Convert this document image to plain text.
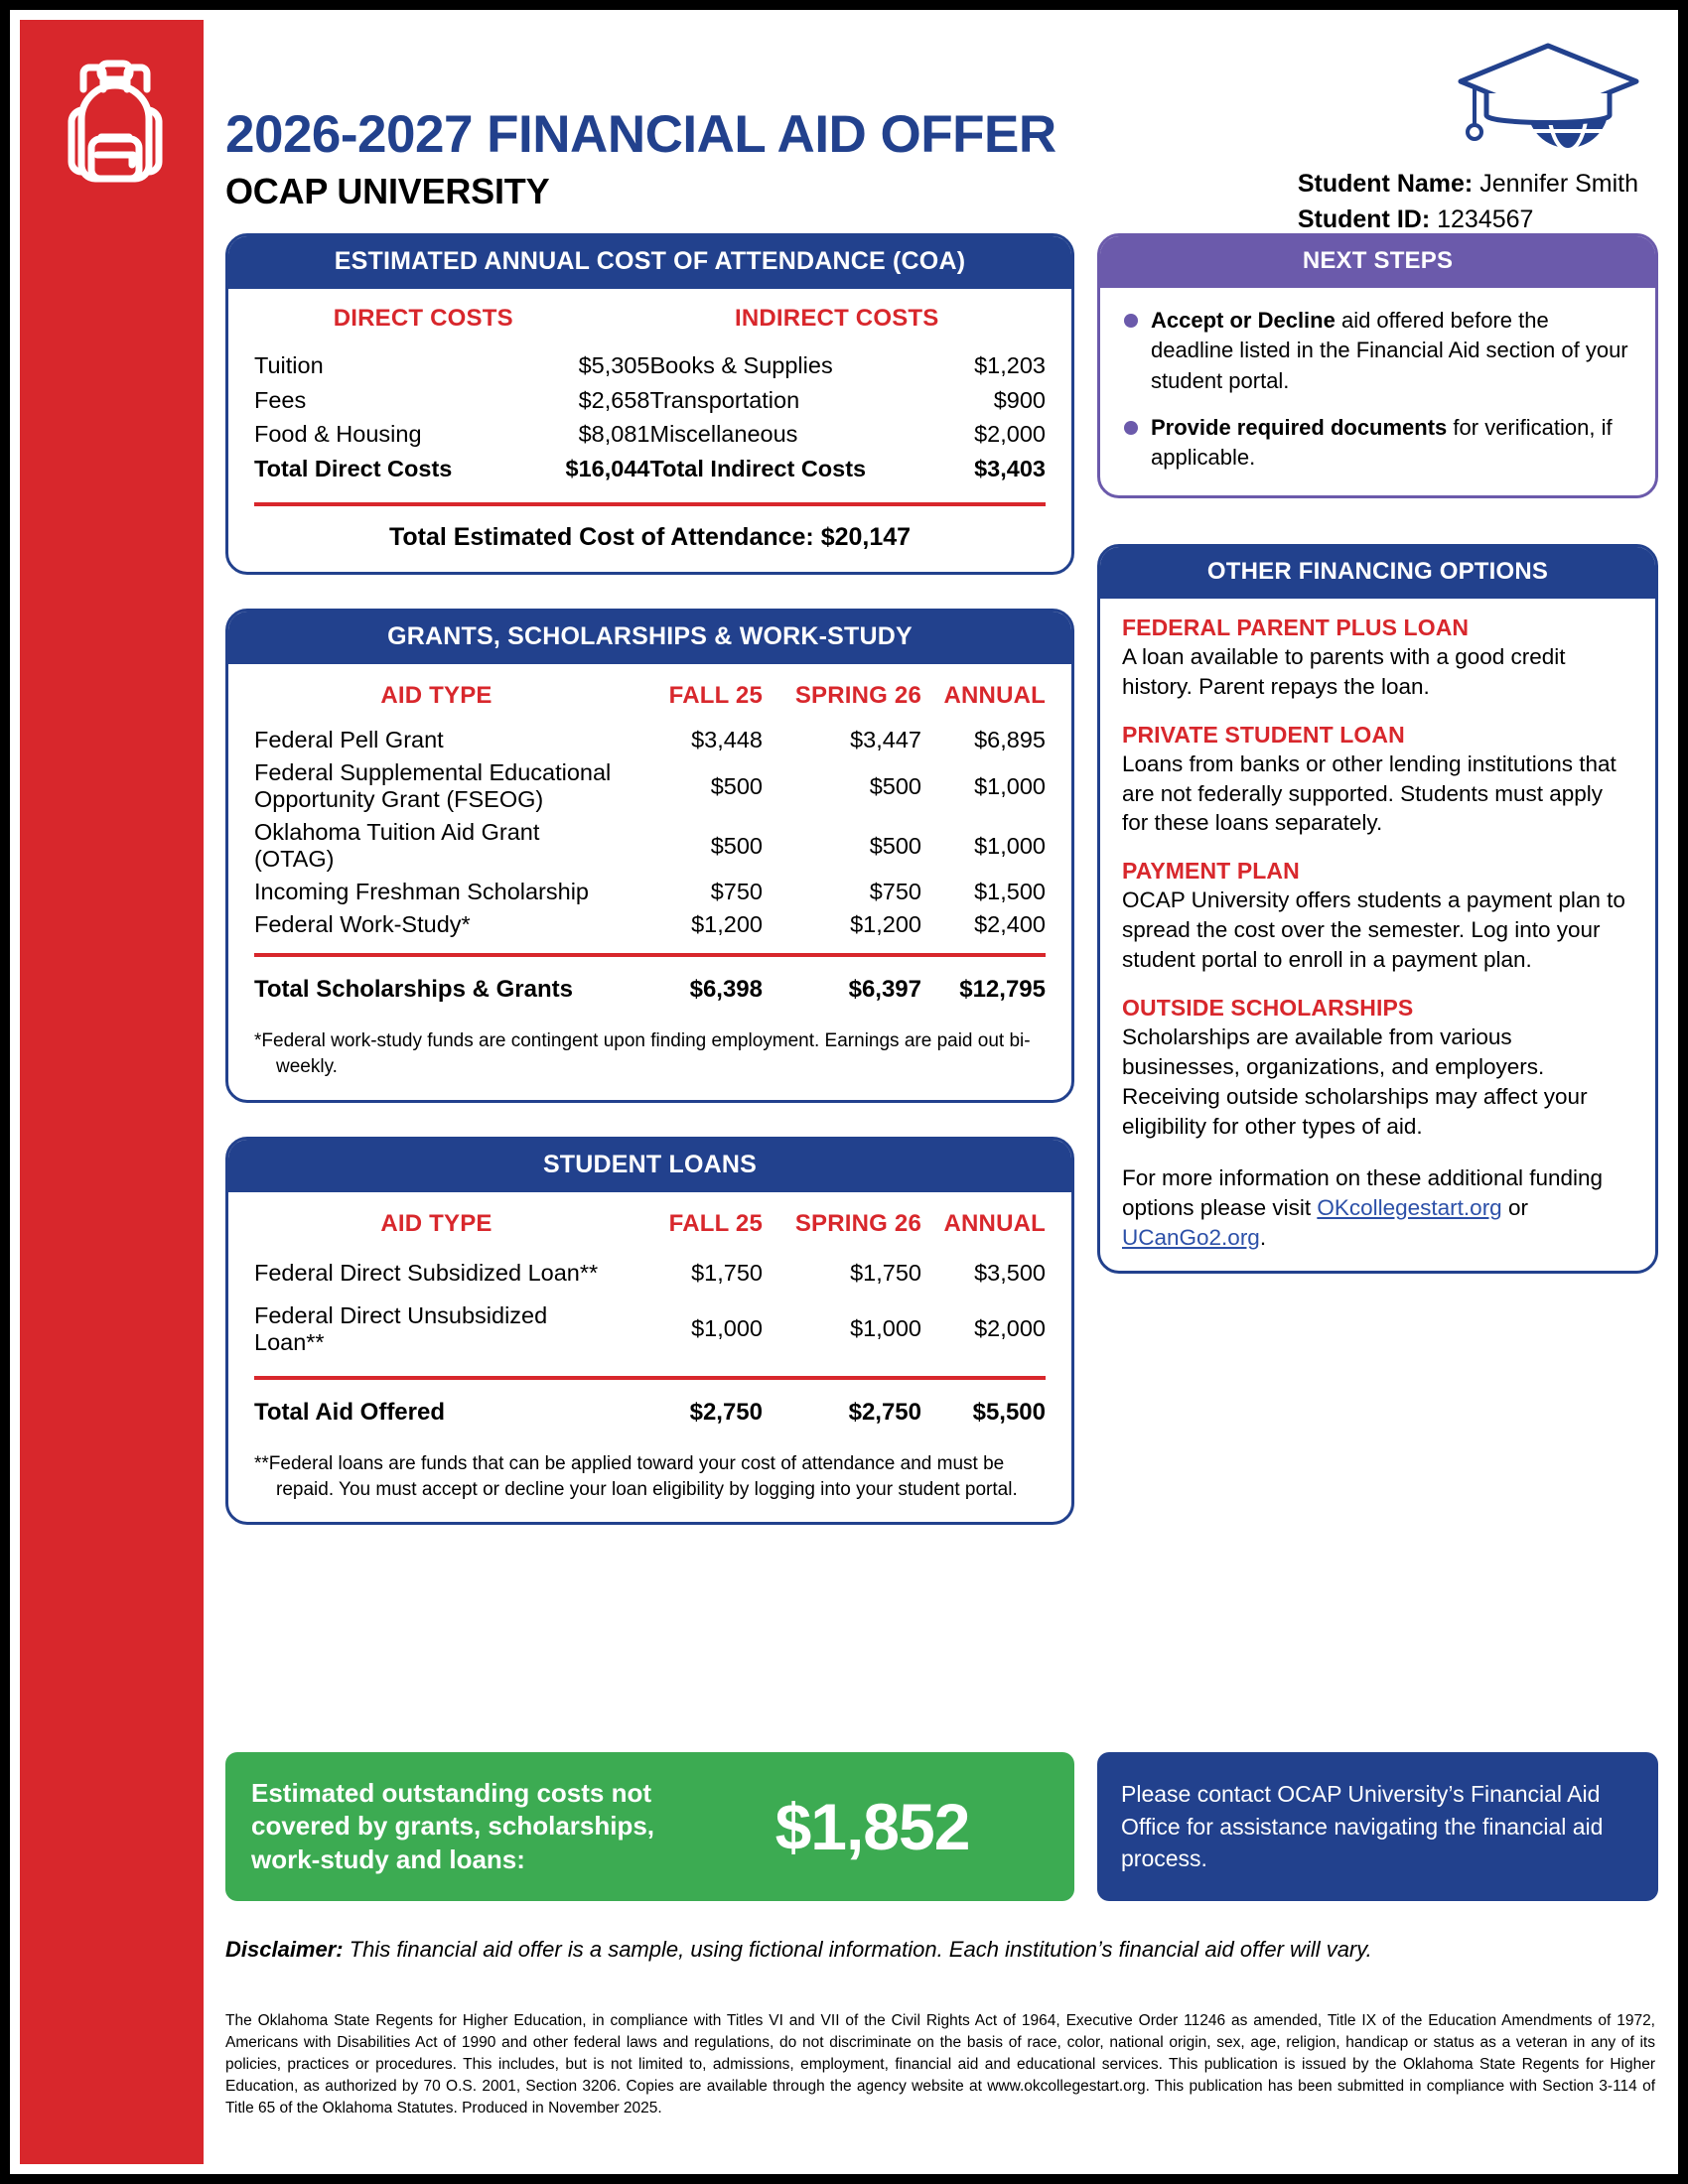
2026-2027 FINANCIAL AID OFFER
OCAP UNIVERSITY	Student Name: Jennifer Smith
Student ID: 1234567
ESTIMATED ANNUAL COST OF ATTENDANCE (COA)
DIRECT COSTS
Tuition	$5,305
Fees	$2,658
Food & Housing	$8,081
Total Direct Costs	$16,044
INDIRECT COSTS
Books & Supplies	$1,203
Transportation	$900
Miscellaneous	$2,000
Total Indirect Costs	$3,403
Total Estimated Cost of Attendance: $20,147
GRANTS, SCHOLARSHIPS & WORK-STUDY
AID TYPE	FALL 25	SPRING 26	ANNUAL
Federal Pell Grant	$3,448	$3,447	$6,895
Federal Supplemental Educational Opportunity Grant (FSEOG)	$500	$500	$1,000
Oklahoma Tuition Aid Grant (OTAG)	$500	$500	$1,000
Incoming Freshman Scholarship	$750	$750	$1,500
Federal Work-Study*	$1,200	$1,200	$2,400
Total Scholarships & Grants	$6,398	$6,397	$12,795
*Federal work-study funds are contingent upon finding employment. Earnings are paid out bi-weekly.
STUDENT LOANS
AID TYPE	FALL 25	SPRING 26	ANNUAL
Federal Direct Subsidized Loan**	$1,750	$1,750	$3,500
Federal Direct Unsubsidized Loan**	$1,000	$1,000	$2,000
Total Aid Offered	$2,750	$2,750	$5,500
**Federal loans are funds that can be applied toward your cost of attendance and must be repaid. You must accept or decline your loan eligibility by logging into your student portal.
NEXT STEPS
Accept or Decline aid offered before the deadline listed in the Financial Aid section of your student portal.
Provide required documents for verification, if applicable.
OTHER FINANCING OPTIONS
FEDERAL PARENT PLUS LOAN
A loan available to parents with a good credit history. Parent repays the loan.
PRIVATE STUDENT LOAN
Loans from banks or other lending institutions that are not federally supported. Students must apply for these loans separately.
PAYMENT PLAN
OCAP University offers students a payment plan to spread the cost over the semester. Log into your student portal to enroll in a payment plan.
OUTSIDE SCHOLARSHIPS
Scholarships are available from various businesses, organizations, and employers. Receiving outside scholarships may affect your eligibility for other types of aid.
For more information on these additional funding options please visit OKcollegestart.org or UCanGo2.org.
Estimated outstanding costs not covered by grants, scholarships, work-study and loans:	$1,852	Please contact OCAP University’s Financial Aid Office for assistance navigating the financial aid process.
Disclaimer: This financial aid offer is a sample, using fictional information. Each institution’s financial aid offer will vary.
The Oklahoma State Regents for Higher Education, in compliance with Titles VI and VII of the Civil Rights Act of 1964, Executive Order 11246 as amended, Title IX of the Education Amendments of 1972, Americans with Disabilities Act of 1990 and other federal laws and regulations, do not discriminate on the basis of race, color, national origin, sex, age, religion, handicap or status as a veteran in any of its policies, practices or procedures. This includes, but is not limited to, admissions, employment, financial aid and educational services. This publication is issued by the Oklahoma State Regents for Higher Education, as authorized by 70 O.S. 2001, Section 3206. Copies are available through the agency website at www.okcollegestart.org. This publication has been submitted in compliance with Section 3-114 of Title 65 of the Oklahoma Statutes. Produced in November 2025.
